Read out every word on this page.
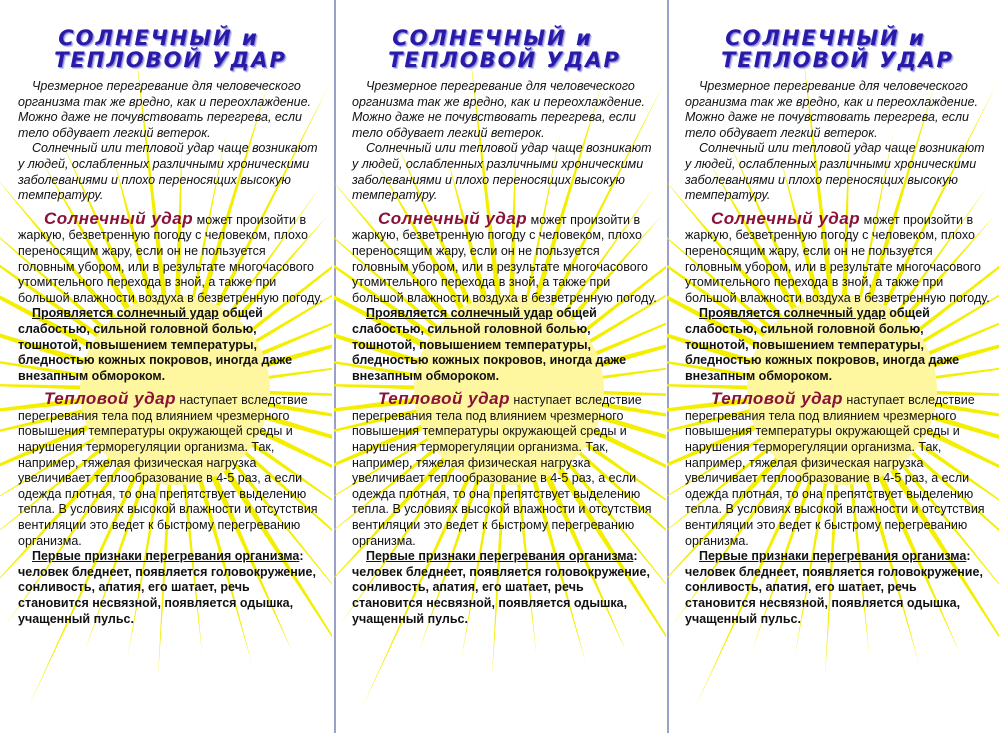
СОЛНЕЧНЫЙ и
ТЕПЛОВОЙ УДАР

Чрезмерное перегревание для человеческого организма так же вредно, как и переохлаждение. Можно даже не почувствовать перегрева, если тело обдувает легкий ветерок.

Солнечный или тепловой удар чаще возникают у людей, ослабленных различными хроническими заболеваниями и плохо переносящих высокую температуру.

Солнечный удар может произойти в жаркую, безветренную погоду с человеком, плохо переносящим жару, если он не пользуется головным убором, или в результате многочасового утомительного перехода в зной, а также при большой влажности воздуха в безветренную погоду.

Проявляется солнечный удар общей слабостью, сильной головной болью, тошнотой, повышением температуры, бледностью кожных покровов, иногда даже внезапным обмороком.

Тепловой удар наступает вследствие перегревания тела под влиянием чрезмерного повышения температуры окружающей среды и нарушения терморегуляции организма. Так, например, тяжелая физическая нагрузка увеличивает теплообразование в 4-5 раз, а если одежда плотная, то она препятствует выделению тепла. В условиях высокой влажности и отсутствия вентиляции это ведет к быстрому перегреванию организма.

Первые признаки перегревания организма: человек бледнеет, появляется головокружение, сонливость, апатия, его шатает, речь становится несвязной, появляется одышка, учащенный пульс.

СОЛНЕЧНЫЙ и
ТЕПЛОВОЙ УДАР

Чрезмерное перегревание для человеческого организма так же вредно, как и переохлаждение. Можно даже не почувствовать перегрева, если тело обдувает легкий ветерок.

Солнечный или тепловой удар чаще возникают у людей, ослабленных различными хроническими заболеваниями и плохо переносящих высокую температуру.

Солнечный удар может произойти в жаркую, безветренную погоду с человеком, плохо переносящим жару, если он не пользуется головным убором, или в результате многочасового утомительного перехода в зной, а также при большой влажности воздуха в безветренную погоду.

Проявляется солнечный удар общей слабостью, сильной головной болью, тошнотой, повышением температуры, бледностью кожных покровов, иногда даже внезапным обмороком.

Тепловой удар наступает вследствие перегревания тела под влиянием чрезмерного повышения температуры окружающей среды и нарушения терморегуляции организма. Так, например, тяжелая физическая нагрузка увеличивает теплообразование в 4-5 раз, а если одежда плотная, то она препятствует выделению тепла. В условиях высокой влажности и отсутствия вентиляции это ведет к быстрому перегреванию организма.

Первые признаки перегревания организма: человек бледнеет, появляется головокружение, сонливость, апатия, его шатает, речь становится несвязной, появляется одышка, учащенный пульс.

СОЛНЕЧНЫЙ и
ТЕПЛОВОЙ УДАР

Чрезмерное перегревание для человеческого организма так же вредно, как и переохлаждение. Можно даже не почувствовать перегрева, если тело обдувает легкий ветерок.

Солнечный или тепловой удар чаще возникают у людей, ослабленных различными хроническими заболеваниями и плохо переносящих высокую температуру.

Солнечный удар может произойти в жаркую, безветренную погоду с человеком, плохо переносящим жару, если он не пользуется головным убором, или в результате многочасового утомительного перехода в зной, а также при большой влажности воздуха в безветренную погоду.

Проявляется солнечный удар общей слабостью, сильной головной болью, тошнотой, повышением температуры, бледностью кожных покровов, иногда даже внезапным обмороком.

Тепловой удар наступает вследствие перегревания тела под влиянием чрезмерного повышения температуры окружающей среды и нарушения терморегуляции организма. Так, например, тяжелая физическая нагрузка увеличивает теплообразование в 4-5 раз, а если одежда плотная, то она препятствует выделению тепла. В условиях высокой влажности и отсутствия вентиляции это ведет к быстрому перегреванию организма.

Первые признаки перегревания организма: человек бледнеет, появляется головокружение, сонливость, апатия, его шатает, речь становится несвязной, появляется одышка, учащенный пульс.
